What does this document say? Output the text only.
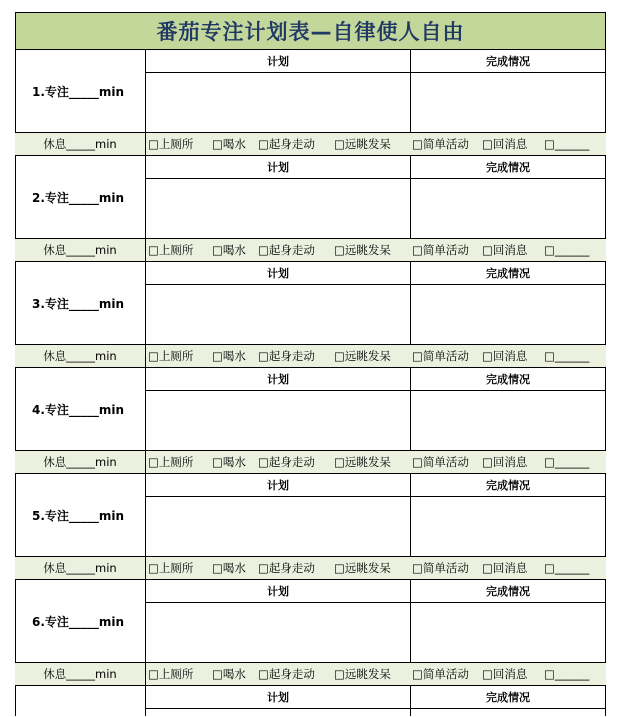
番茄专注计划表—自律使人自由
1.专注_____min
计划	完成情况
休息_____min	□上厕所 □喝水 □起身走动 □远眺发呆 □简单活动 □回消息 □______
2.专注_____min
计划	完成情况
休息_____min	□上厕所 □喝水 □起身走动 □远眺发呆 □简单活动 □回消息 □______
3.专注_____min
计划	完成情况
休息_____min	□上厕所 □喝水 □起身走动 □远眺发呆 □简单活动 □回消息 □______
4.专注_____min
计划	完成情况
休息_____min	□上厕所 □喝水 □起身走动 □远眺发呆 □简单活动 □回消息 □______
5.专注_____min
计划	完成情况
休息_____min	□上厕所 □喝水 □起身走动 □远眺发呆 □简单活动 □回消息 □______
6.专注_____min
计划	完成情况
休息_____min	□上厕所 □喝水 □起身走动 □远眺发呆 □简单活动 □回消息 □______
计划	完成情况
